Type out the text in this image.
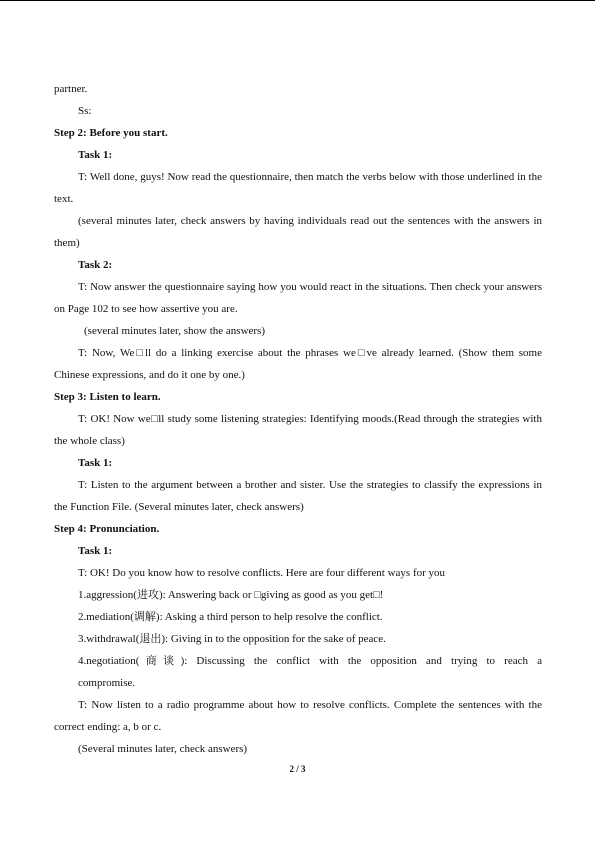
partner.

Ss:

Step 2: Before you start.

Task 1:

T: Well done, guys! Now read the questionnaire, then match the verbs below with those underlined in the text.

(several minutes later, check answers by having individuals read out the sentences with the answers in them)

Task 2:

T: Now answer the questionnaire saying how you would react in the situations. Then check your answers on Page 102 to see how assertive you are.

(several minutes later, show the answers)

T: Now, We□ll do a linking exercise about the phrases we□ve already learned. (Show them some Chinese expressions, and do it one by one.)

Step 3: Listen to learn.

T: OK! Now we□ll study some listening strategies: Identifying moods.(Read through the strategies with the whole class)

Task 1:

T: Listen to the argument between a brother and sister. Use the strategies to classify the expressions in the Function File. (Several minutes later, check answers)

Step 4: Pronunciation.

Task 1:

T: OK! Do you know how to resolve conflicts. Here are four different ways for you

1.aggression(进攻): Answering back or □giving as good as you get□!

2.mediation(调解): Asking a third person to help resolve the conflict.

3.withdrawal(退出): Giving in to the opposition for the sake of peace.

4.negotiation(商谈): Discussing the conflict with the opposition and trying to reach a

compromise.

T: Now listen to a radio programme about how to resolve conflicts. Complete the sentences with the correct ending: a, b or c.

(Several minutes later, check answers)

2 / 3
